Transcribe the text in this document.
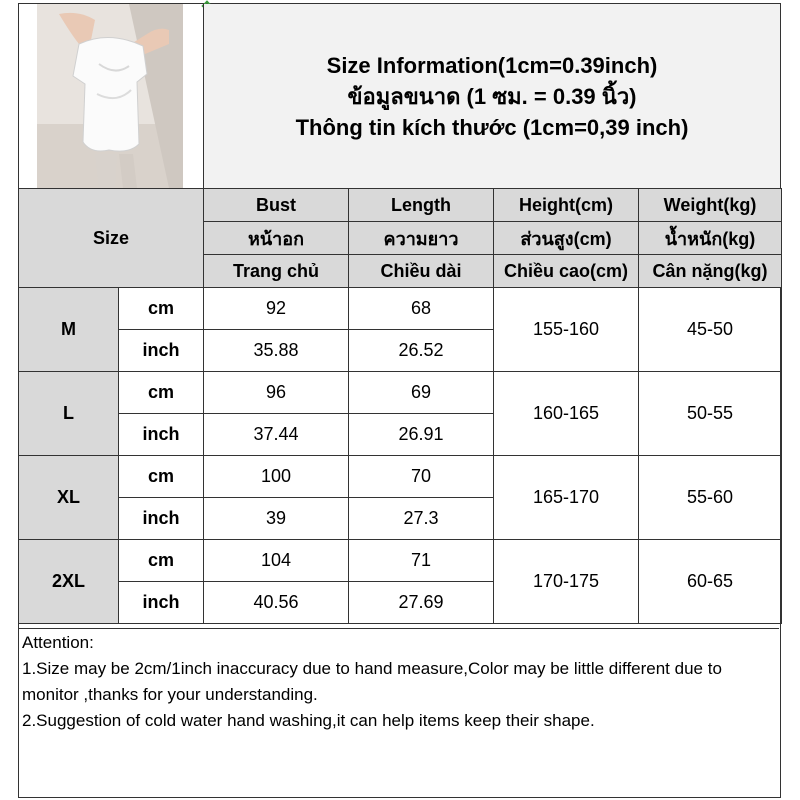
Size Information(1cm=0.39inch)
ข้อมูลขนาด (1 ซม. = 0.39 นิ้ว)
Thông tin kích thước (1cm=0,39 inch)
Size		Bust	Length	Height(cm)	Weight(kg)
		หน้าอก	ความยาว	ส่วนสูง(cm)	น้ำหนัก(kg)
		Trang chủ	Chiều dài	Chiều cao(cm)	Cân nặng(kg)
M	cm	92	68	155-160	45-50
	inch	35.88	26.52		
L	cm	96	69	160-165	50-55
	inch	37.44	26.91		
XL	cm	100	70	165-170	55-60
	inch	39	27.3		
2XL	cm	104	71	170-175	60-65
	inch	40.56	27.69		
Attention:
1.Size may be 2cm/1inch inaccuracy due to hand measure,Color may be little different due to monitor ,thanks for your understanding.
2.Suggestion of cold water hand washing,it can help items keep their shape.
